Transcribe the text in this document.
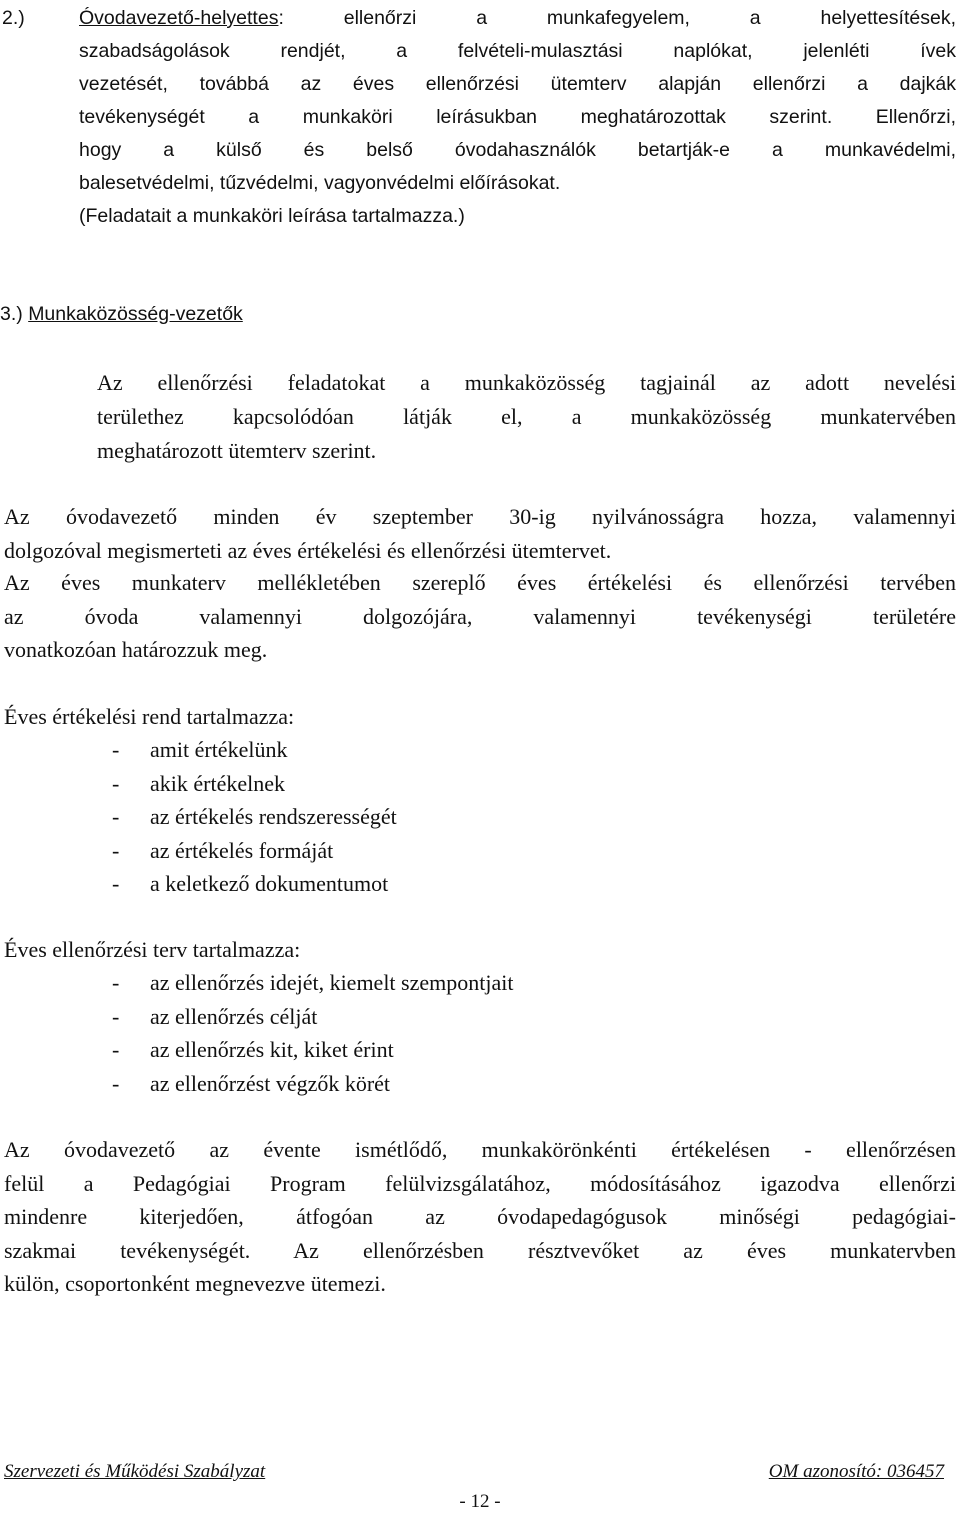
2.)	Óvodavezető-helyettes: ellenőrzi a munkafegyelem, a helyettesítések,
szabadságolások rendjét, a felvételi-mulasztási naplókat, jelenléti ívek
vezetését, továbbá az éves ellenőrzési ütemterv alapján ellenőrzi a dajkák
tevékenységét a munkaköri leírásukban meghatározottak szerint. Ellenőrzi,
hogy a külső és belső óvodahasználók betartják-e a munkavédelmi,
balesetvédelmi, tűzvédelmi, vagyonvédelmi előírásokat.
(Feladatait a munkaköri leírása tartalmazza.)
3.) Munkaközösség-vezetők
Az ellenőrzési feladatokat a munkaközösség tagjainál az adott nevelési
területhez kapcsolódóan látják el, a munkaközösség munkatervében
meghatározott ütemterv szerint.
Az óvodavezető minden év szeptember 30-ig nyilvánosságra hozza, valamennyi
dolgozóval megismerteti az éves értékelési és ellenőrzési ütemtervet.
Az éves munkaterv mellékletében szereplő éves értékelési és ellenőrzési tervében
az óvoda valamennyi dolgozójára, valamennyi tevékenységi területére
vonatkozóan határozzuk meg.
Éves értékelési rend tartalmazza:
- amit értékelünk
- akik értékelnek
- az értékelés rendszerességét
- az értékelés formáját
- a keletkező dokumentumot
Éves ellenőrzési terv tartalmazza:
- az ellenőrzés idejét, kiemelt szempontjait
- az ellenőrzés célját
- az ellenőrzés kit, kiket érint
- az ellenőrzést végzők körét
Az óvodavezető az évente ismétlődő, munkakörönkénti értékelésen - ellenőrzésen
felül a Pedagógiai Program felülvizsgálatához, módosításához igazodva ellenőrzi
mindenre kiterjedően, átfogóan az óvodapedagógusok minőségi pedagógiai-
szakmai tevékenységét. Az ellenőrzésben résztvevőket az éves munkatervben
külön, csoportonként megnevezve ütemezi.
Szervezeti és Működési Szabályzat	OM azonosító: 036457
- 12 -
